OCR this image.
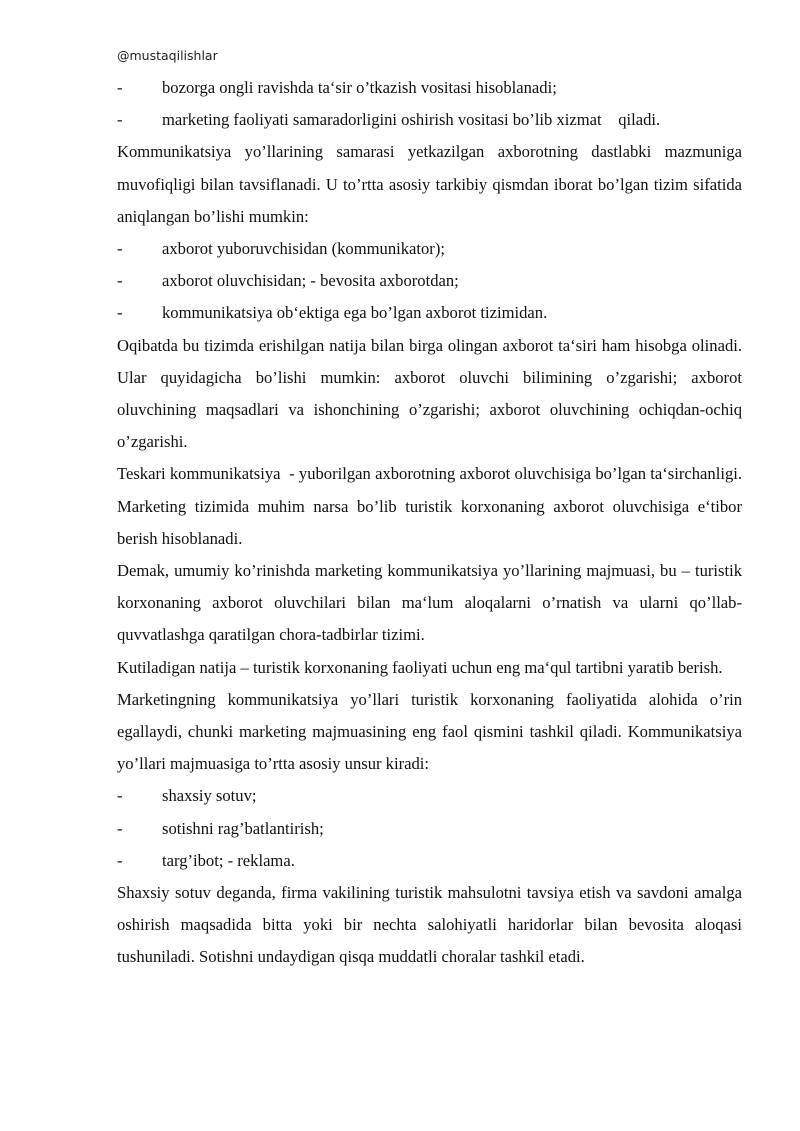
@mustaqilishlar

-	bozorga ongli ravishda taʻsir o’tkazish vositasi hisoblanadi;

-	marketing faoliyati samaradorligini oshirish vositasi bo’lib xizmat    qiladi.

Kommunikatsiya yo’llarining samarasi yetkazilgan axborotning dastlabki mazmuniga muvofiqligi bilan tavsiflanadi. U to’rtta asosiy tarkibiy qismdan iborat bo’lgan tizim sifatida aniqlangan bo’lishi mumkin:

-	axborot yuboruvchisidan (kommunikator);

-	axborot oluvchisidan; - bevosita axborotdan;

-	kommunikatsiya obʻektiga ega bo’lgan axborot tizimidan.

Oqibatda bu tizimda erishilgan natija bilan birga olingan axborot taʻsiri ham hisobga olinadi. Ular quyidagicha bo’lishi mumkin: axborot oluvchi bilimining o’zgarishi; axborot oluvchining maqsadlari va ishonchining o’zgarishi; axborot oluvchining ochiqdan-ochiq o’zgarishi.

Teskari kommunikatsiya  - yuborilgan axborotning axborot oluvchisiga bo’lgan taʻsirchanligi. Marketing tizimida muhim narsa bo’lib turistik korxonaning axborot oluvchisiga eʻtibor berish hisoblanadi.

Demak, umumiy ko’rinishda marketing kommunikatsiya yo’llarining majmuasi, bu – turistik korxonaning axborot oluvchilari bilan maʻlum aloqalarni o’rnatish va ularni qo’llab-quvvatlashga qaratilgan chora-tadbirlar tizimi.

Kutiladigan natija – turistik korxonaning faoliyati uchun eng maʻqul tartibni yaratib berish.

Marketingning kommunikatsiya yo’llari turistik korxonaning faoliyatida alohida o’rin egallaydi, chunki marketing majmuasining eng faol qismini tashkil qiladi. Kommunikatsiya yo’llari majmuasiga to’rtta asosiy unsur kiradi:

-	shaxsiy sotuv;

-	sotishni rag’batlantirish;

-	targ’ibot; - reklama.

Shaxsiy sotuv deganda, firma vakilining turistik mahsulotni tavsiya etish va savdoni amalga oshirish maqsadida bitta yoki bir nechta salohiyatli haridorlar bilan bevosita aloqasi tushuniladi. Sotishni undaydigan qisqa muddatli choralar tashkil etadi.
